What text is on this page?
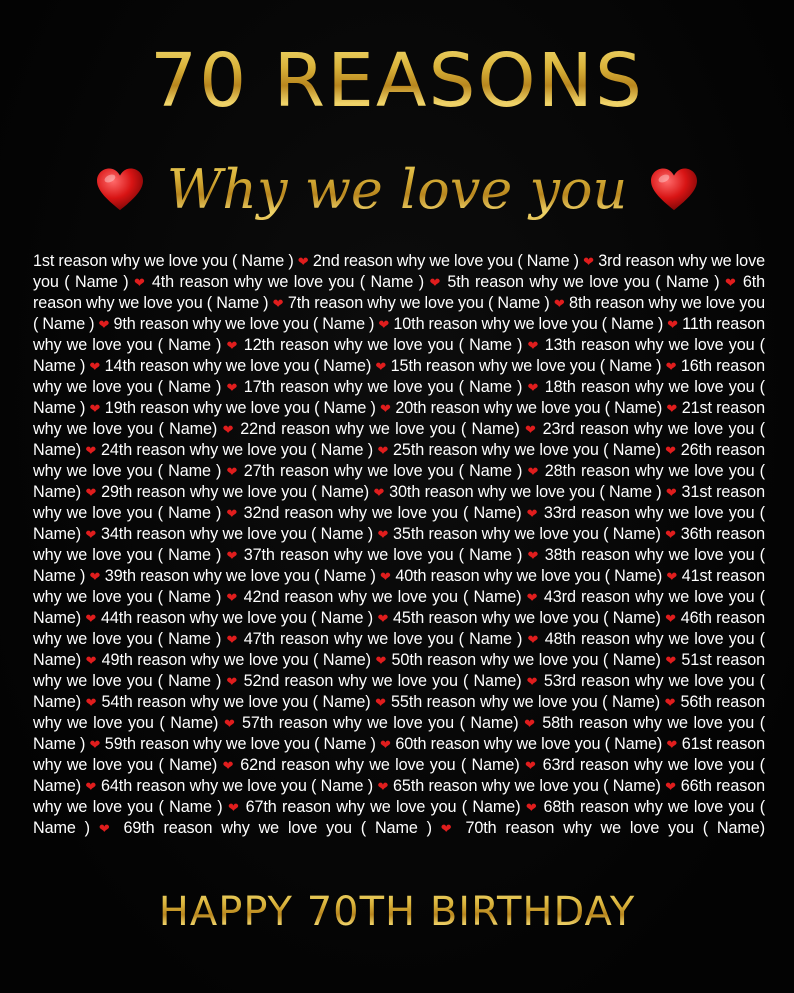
70 REASONS
Why we love you
1st reason why we love you ( Name ) ❤ 2nd reason why we love you ( Name ) ❤ 3rd reason why we love you ( Name ) ❤ 4th reason why we love you ( Name ) ❤ 5th reason why we love you ( Name ) ❤ 6th reason why we love you ( Name ) ❤ 7th reason why we love you ( Name ) ❤ 8th reason why we love you ( Name ) ❤ 9th reason why we love you ( Name ) ❤ 10th reason why we love you ( Name ) ❤ 11th reason why we love you ( Name ) ❤ 12th reason why we love you ( Name ) ❤ 13th reason why we love you ( Name ) ❤ 14th reason why we love you ( Name) ❤ 15th reason why we love you ( Name ) ❤ 16th reason why we love you ( Name ) ❤ 17th reason why we love you ( Name ) ❤ 18th reason why we love you ( Name ) ❤ 19th reason why we love you ( Name ) ❤ 20th reason why we love you ( Name) ❤ 21st reason why we love you ( Name) ❤ 22nd reason why we love you ( Name) ❤ 23rd reason why we love you ( Name) ❤ 24th reason why we love you ( Name ) ❤ 25th reason why we love you ( Name) ❤ 26th reason why we love you ( Name ) ❤ 27th reason why we love you ( Name ) ❤ 28th reason why we love you ( Name) ❤ 29th reason why we love you ( Name) ❤ 30th reason why we love you ( Name ) ❤ 31st reason why we love you ( Name ) ❤ 32nd reason why we love you ( Name) ❤ 33rd reason why we love you ( Name) ❤ 34th reason why we love you ( Name ) ❤ 35th reason why we love you ( Name) ❤ 36th reason why we love you ( Name ) ❤ 37th reason why we love you ( Name ) ❤ 38th reason why we love you ( Name ) ❤ 39th reason why we love you ( Name ) ❤ 40th reason why we love you ( Name) ❤ 41st reason why we love you ( Name ) ❤ 42nd reason why we love you ( Name) ❤ 43rd reason why we love you ( Name) ❤ 44th reason why we love you ( Name ) ❤ 45th reason why we love you ( Name) ❤ 46th reason why we love you ( Name ) ❤ 47th reason why we love you ( Name ) ❤ 48th reason why we love you ( Name) ❤ 49th reason why we love you ( Name) ❤ 50th reason why we love you ( Name) ❤ 51st reason why we love you ( Name ) ❤ 52nd reason why we love you ( Name) ❤ 53rd reason why we love you ( Name) ❤ 54th reason why we love you ( Name) ❤ 55th reason why we love you ( Name) ❤ 56th reason why we love you ( Name) ❤ 57th reason why we love you ( Name) ❤ 58th reason why we love you ( Name ) ❤ 59th reason why we love you ( Name ) ❤ 60th reason why we love you ( Name) ❤ 61st reason why we love you ( Name) ❤ 62nd reason why we love you ( Name) ❤ 63rd reason why we love you ( Name) ❤ 64th reason why we love you ( Name ) ❤ 65th reason why we love you ( Name) ❤ 66th reason why we love you ( Name ) ❤ 67th reason why we love you ( Name) ❤ 68th reason why we love you ( Name ) ❤ 69th reason why we love you ( Name ) ❤ 70th reason why we love you ( Name)
HAPPY 70TH BIRTHDAY
